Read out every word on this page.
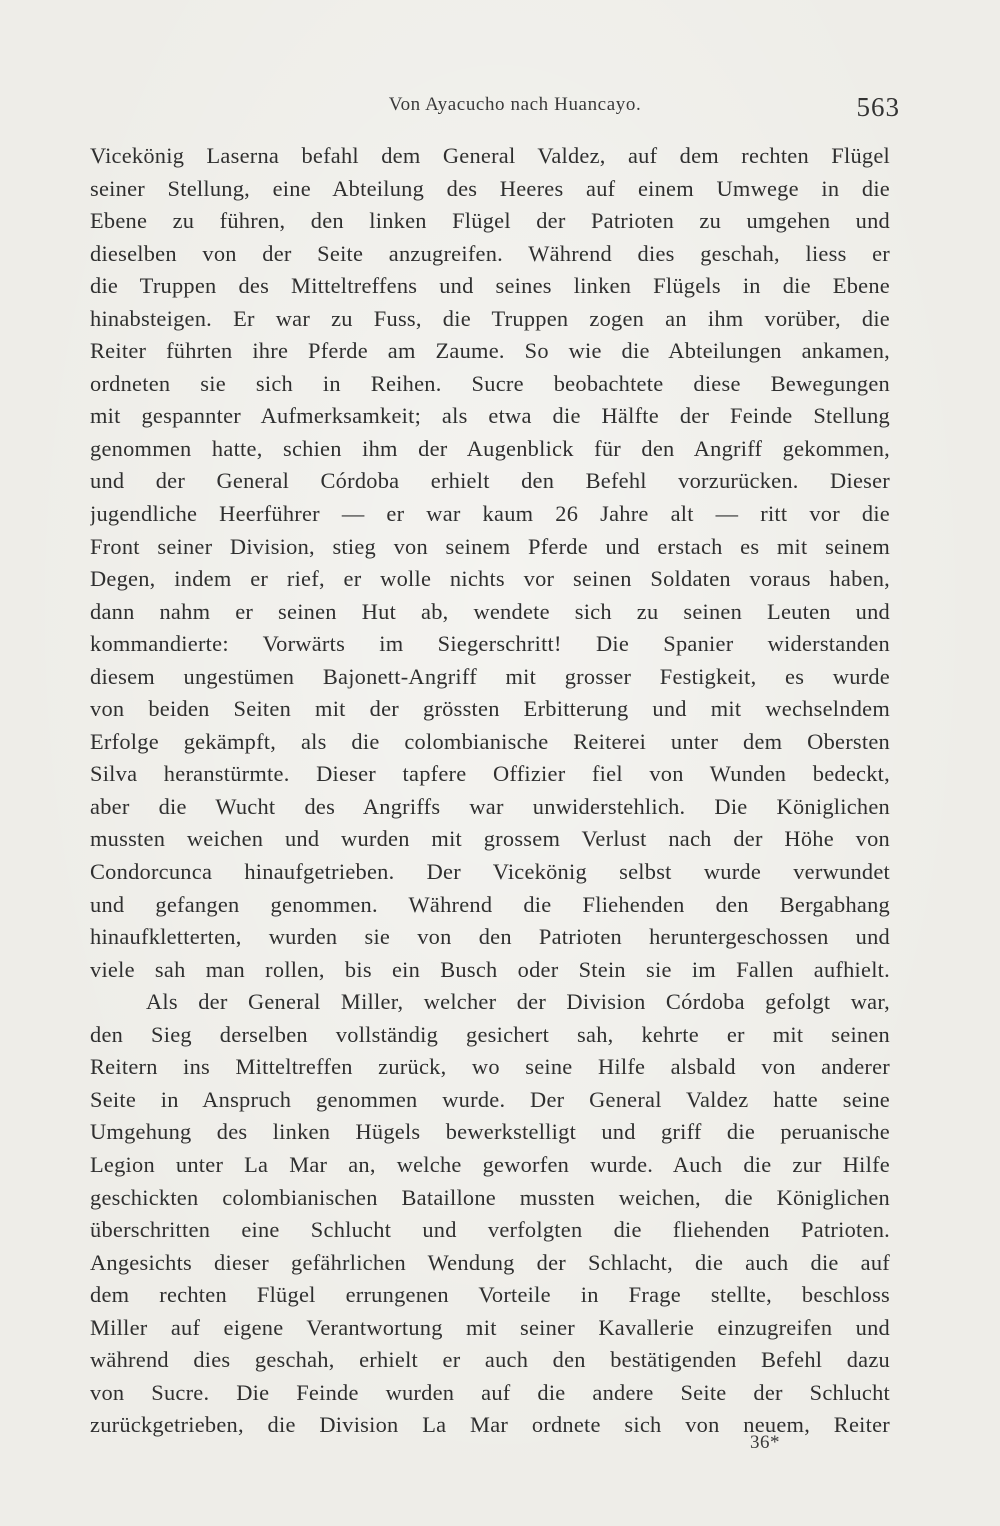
Von Ayacucho nach Huancayo.	563
Vicekönig Laserna befahl dem General Valdez, auf dem rechten Flügel
seiner Stellung, eine Abteilung des Heeres auf einem Umwege in die
Ebene zu führen, den linken Flügel der Patrioten zu umgehen und
dieselben von der Seite anzugreifen. Während dies geschah, liess er
die Truppen des Mitteltreffens und seines linken Flügels in die Ebene
hinabsteigen. Er war zu Fuss, die Truppen zogen an ihm vorüber, die
Reiter führten ihre Pferde am Zaume. So wie die Abteilungen ankamen,
ordneten sie sich in Reihen. Sucre beobachtete diese Bewegungen
mit gespannter Aufmerksamkeit; als etwa die Hälfte der Feinde Stellung
genommen hatte, schien ihm der Augenblick für den Angriff gekommen,
und der General Córdoba erhielt den Befehl vorzurücken. Dieser
jugendliche Heerführer — er war kaum 26 Jahre alt — ritt vor die
Front seiner Division, stieg von seinem Pferde und erstach es mit seinem
Degen, indem er rief, er wolle nichts vor seinen Soldaten voraus haben,
dann nahm er seinen Hut ab, wendete sich zu seinen Leuten und
kommandierte: Vorwärts im Siegerschritt! Die Spanier widerstanden
diesem ungestümen Bajonett-Angriff mit grosser Festigkeit, es wurde
von beiden Seiten mit der grössten Erbitterung und mit wechselndem
Erfolge gekämpft, als die colombianische Reiterei unter dem Obersten
Silva heranstürmte. Dieser tapfere Offizier fiel von Wunden bedeckt,
aber die Wucht des Angriffs war unwiderstehlich. Die Königlichen
mussten weichen und wurden mit grossem Verlust nach der Höhe von
Condorcunca hinaufgetrieben. Der Vicekönig selbst wurde verwundet
und gefangen genommen. Während die Fliehenden den Bergabhang
hinaufkletterten, wurden sie von den Patrioten heruntergeschossen und
viele sah man rollen, bis ein Busch oder Stein sie im Fallen aufhielt.
Als der General Miller, welcher der Division Córdoba gefolgt war,
den Sieg derselben vollständig gesichert sah, kehrte er mit seinen
Reitern ins Mitteltreffen zurück, wo seine Hilfe alsbald von anderer
Seite in Anspruch genommen wurde. Der General Valdez hatte seine
Umgehung des linken Hügels bewerkstelligt und griff die peruanische
Legion unter La Mar an, welche geworfen wurde. Auch die zur Hilfe
geschickten colombianischen Bataillone mussten weichen, die Königlichen
überschritten eine Schlucht und verfolgten die fliehenden Patrioten.
Angesichts dieser gefährlichen Wendung der Schlacht, die auch die auf
dem rechten Flügel errungenen Vorteile in Frage stellte, beschloss
Miller auf eigene Verantwortung mit seiner Kavallerie einzugreifen und
während dies geschah, erhielt er auch den bestätigenden Befehl dazu
von Sucre. Die Feinde wurden auf die andere Seite der Schlucht
zurückgetrieben, die Division La Mar ordnete sich von neuem, Reiter
36*
